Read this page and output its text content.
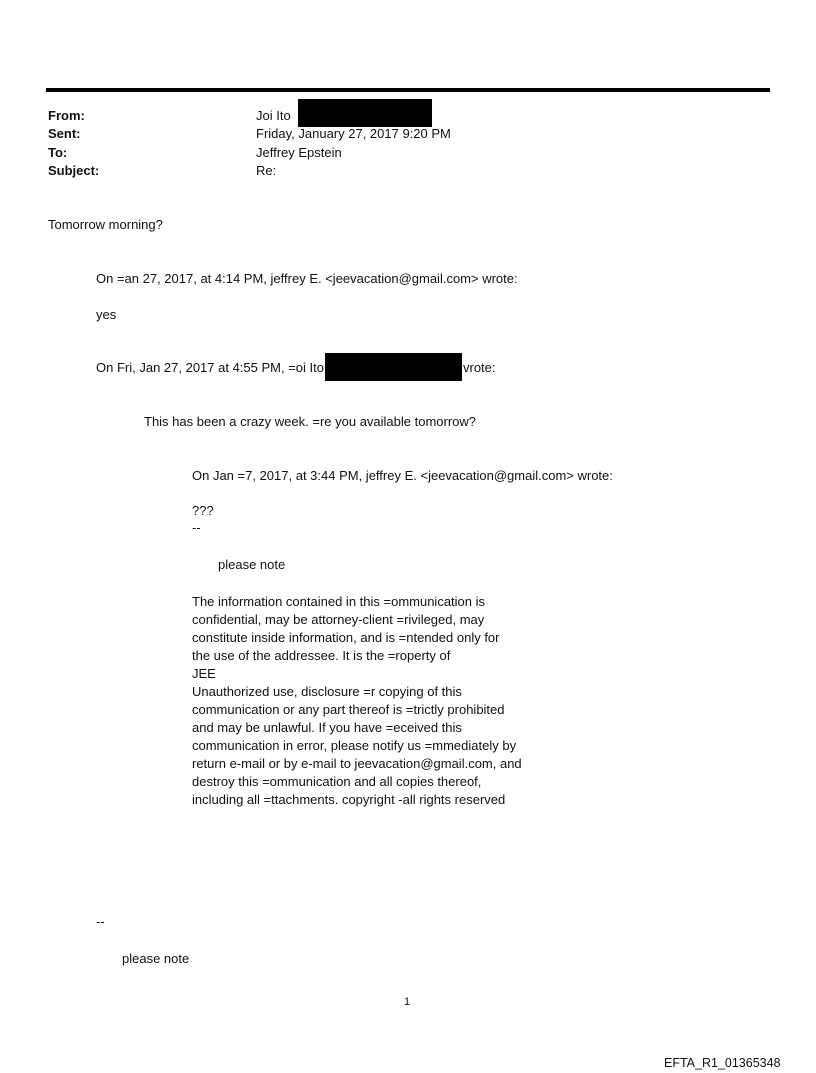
From:	Joi Ito
Sent:	Friday, January 27, 2017 9:20 PM
To:	Jeffrey Epstein
Subject:	Re:
Tomorrow morning?
On =an 27, 2017, at 4:14 PM, jeffrey E. <jeevacation@gmail.com> wrote:
yes
On Fri, Jan 27, 2017 at 4:55 PM, =oi Ito	vrote:
This has been a crazy week. =re you available tomorrow?
On Jan =7, 2017, at 3:44 PM, jeffrey E. <jeevacation@gmail.com> wrote:
???
--
please note
The information contained in this =ommunication is
confidential, may be attorney-client =rivileged, may
constitute inside information, and is =ntended only for
the use of the addressee. It is the =roperty of
JEE
Unauthorized use, disclosure =r copying of this
communication or any part thereof is =trictly prohibited
and may be unlawful. If you have =eceived this
communication in error, please notify us =mmediately by
return e-mail or by e-mail to jeevacation@gmail.com, and
destroy this =ommunication and all copies thereof,
including all =ttachments. copyright -all rights reserved
--
please note
1
EFTA_R1_01365348
